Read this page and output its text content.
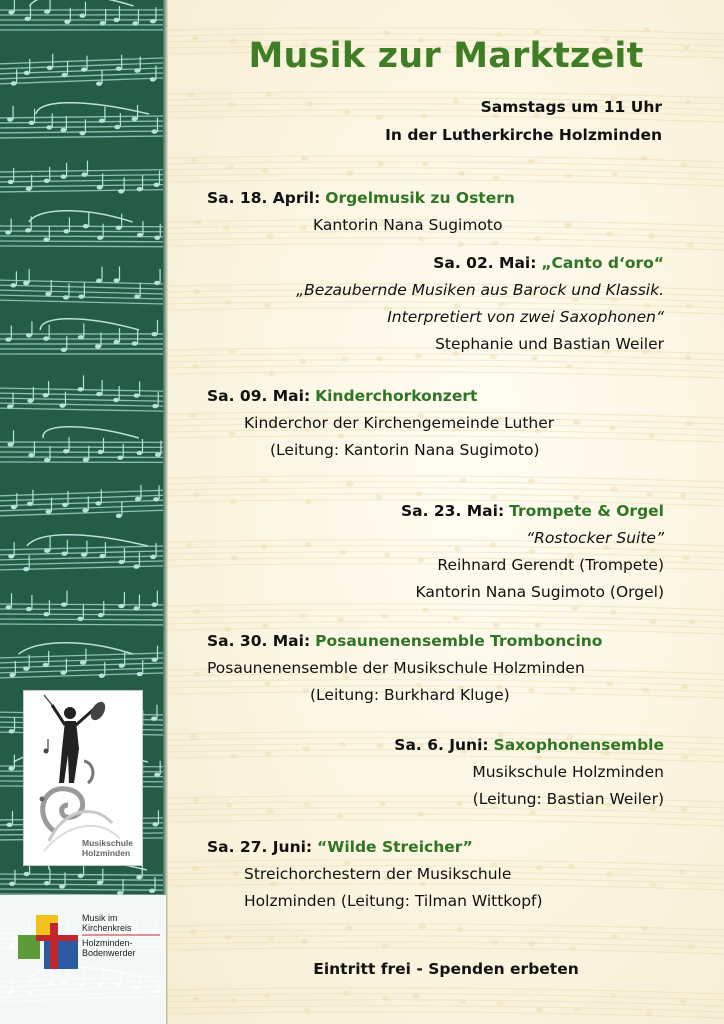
Musik zur Marktzeit
Samstags um 11 Uhr
In der Lutherkirche Holzminden
Sa. 18. April: Orgelmusik zu Ostern
Kantorin Nana Sugimoto
Sa. 02. Mai: „Canto d‘oro“
„Bezaubernde Musiken aus Barock und Klassik.
Interpretiert von zwei Saxophonen“
Stephanie und Bastian Weiler
Sa. 09. Mai: Kinderchorkonzert
Kinderchor der Kirchengemeinde Luther
(Leitung: Kantorin Nana Sugimoto)
Sa. 23. Mai: Trompete & Orgel
“Rostocker Suite”
Reihnard Gerendt (Trompete)
Kantorin Nana Sugimoto (Orgel)
Sa. 30. Mai: Posaunenensemble Tromboncino
Posaunenensemble der Musikschule Holzminden
(Leitung: Burkhard Kluge)
Sa. 6. Juni: Saxophonensemble
Musikschule Holzminden
(Leitung: Bastian Weiler)
Sa. 27. Juni: “Wilde Streicher”
Streichorchestern der Musikschule
Holzminden (Leitung: Tilman Wittkopf)
Eintritt frei - Spenden erbeten
Musikschule
Holzminden
Musik im
Kirchenkreis
Holzminden-
Bodenwerder
